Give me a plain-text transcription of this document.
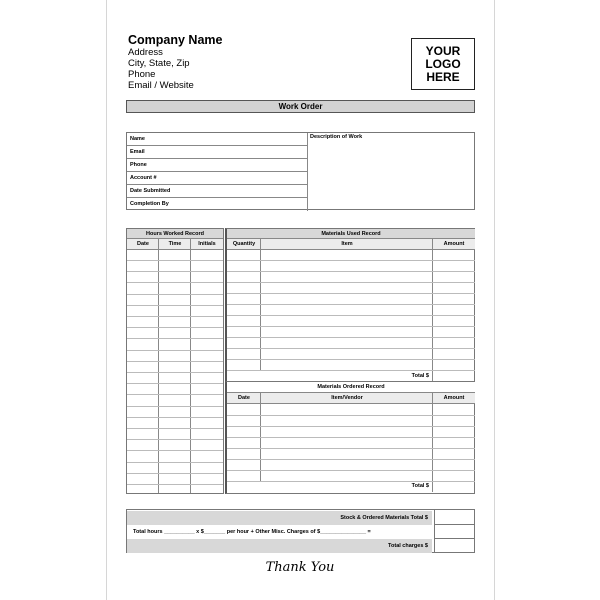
Company Name
Address
City, State, Zip
Phone
Email / Website
YOUR
LOGO
HERE
Work Order
Name
Email
Phone
Account #
Date Submitted
Completion By
Description of Work
Hours Worked Record
Date	Time	Initials
Materials Used Record
Quantity	Item	Amount
Total $
Materials Ordered Record
Date	Item/Vendor	Amount
Total $
Stock & Ordered Materials Total $
Total hours __________ x $_______ per hour + Other Misc. Charges of $_______________ =
Total charges $
Thank You
